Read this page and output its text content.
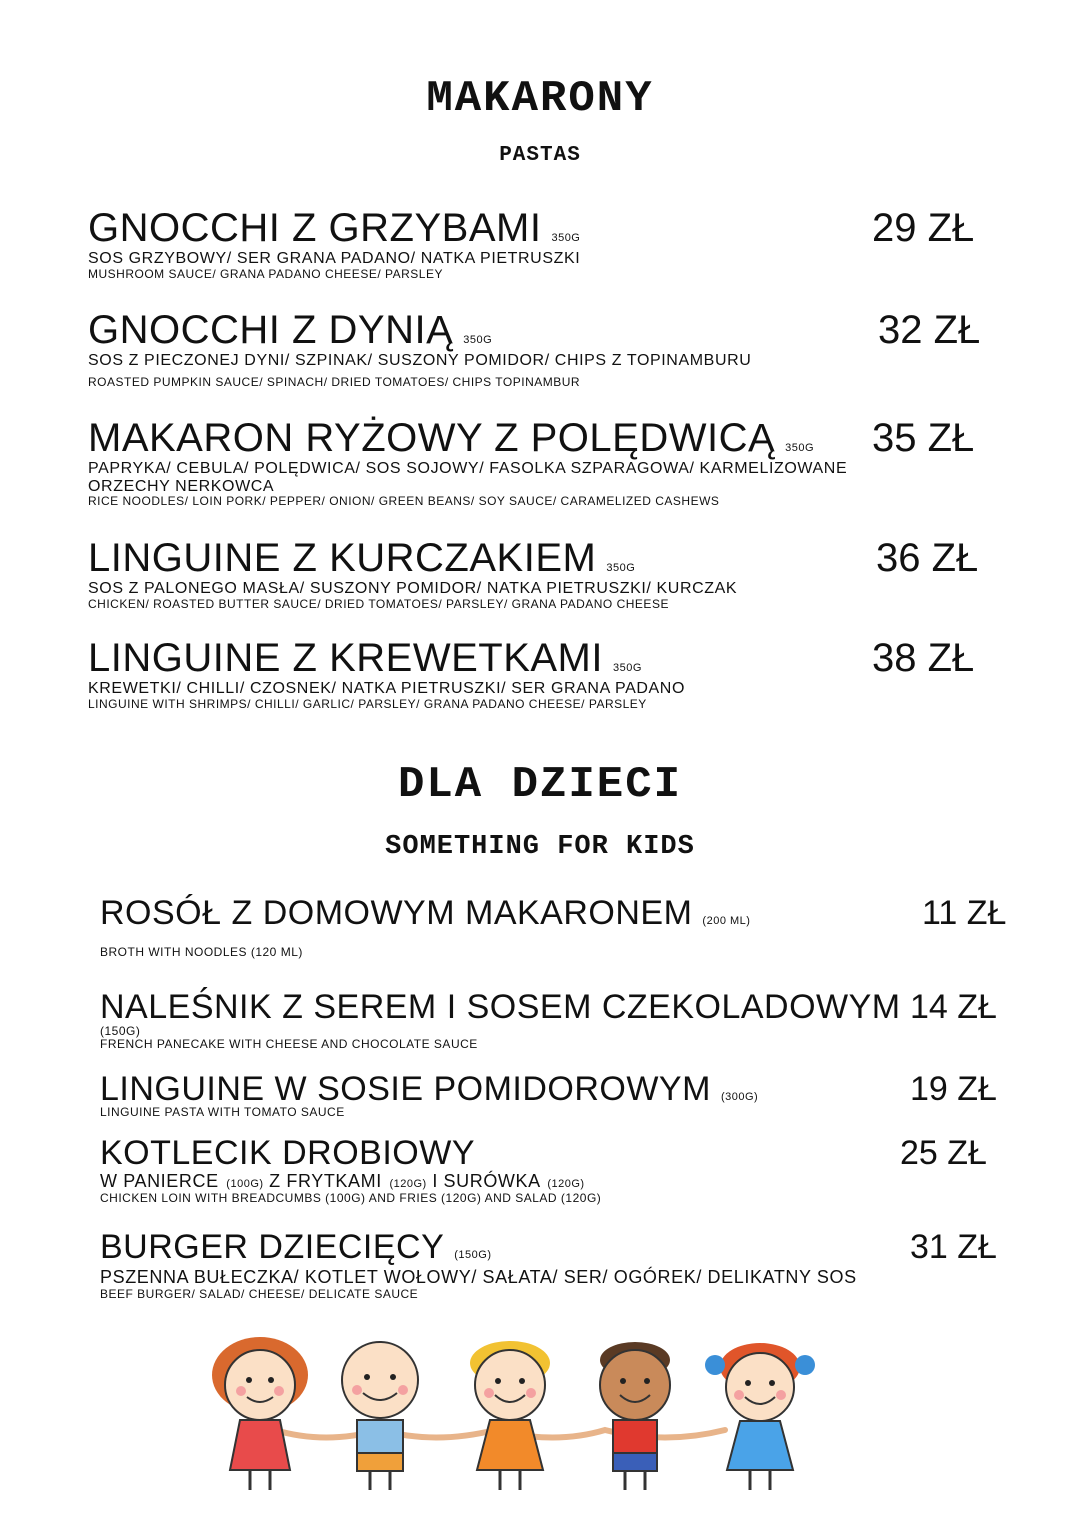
MAKARONY
PASTAS
GNOCCHI Z GRZYBAMI 350G
SOS GRZYBOWY/ SER GRANA PADANO/ NATKA PIETRUSZKI
MUSHROOM SAUCE/ GRANA PADANO CHEESE/ PARSLEY
29 ZŁ
GNOCCHI Z DYNIĄ 350G
SOS Z PIECZONEJ DYNI/ SZPINAK/ SUSZONY POMIDOR/ CHIPS Z TOPINAMBURU
ROASTED PUMPKIN SAUCE/ SPINACH/ DRIED TOMATOES/ CHIPS TOPINAMBUR
32 ZŁ
MAKARON RYŻOWY Z POLĘDWICĄ 350G
PAPRYKA/ CEBULA/ POLĘDWICA/ SOS SOJOWY/ FASOLKA SZPARAGOWA/ KARMELIZOWANE ORZECHY NERKOWCA
RICE NOODLES/ LOIN PORK/ PEPPER/ ONION/ GREEN BEANS/ SOY SAUCE/ CARAMELIZED CASHEWS
35 ZŁ
LINGUINE Z KURCZAKIEM 350G
SOS Z PALONEGO MASŁA/ SUSZONY POMIDOR/ NATKA PIETRUSZKI/ KURCZAK
CHICKEN/ ROASTED BUTTER SAUCE/ DRIED TOMATOES/ PARSLEY/ GRANA PADANO CHEESE
36 ZŁ
LINGUINE Z KREWETKAMI 350G
KREWETKI/ CHILLI/ CZOSNEK/ NATKA PIETRUSZKI/ SER GRANA PADANO
LINGUINE WITH SHRIMPS/ CHILLI/ GARLIC/ PARSLEY/ GRANA PADANO CHEESE/ PARSLEY
38 ZŁ
DLA DZIECI
SOMETHING FOR KIDS
ROSÓŁ Z DOMOWYM MAKARONEM (200 ML)
BROTH WITH NOODLES (120 ML)
11 ZŁ
NALEŚNIK Z SEREM I SOSEM CZEKOLADOWYM
(150G)
FRENCH PANECAKE WITH CHEESE AND CHOCOLATE SAUCE
14 ZŁ
LINGUINE W SOSIE POMIDOROWYM (300G)
LINGUINE PASTA WITH TOMATO SAUCE
19 ZŁ
KOTLECIK DROBIOWY
W PANIERCE (100G) Z FRYTKAMI (120G) I SURÓWKA (120G)
CHICKEN LOIN WITH BREADCUMBS (100G) AND FRIES (120G) AND SALAD (120G)
25 ZŁ
BURGER DZIECIĘCY (150G)
PSZENNA BUŁECZKA/ KOTLET WOŁOWY/ SAŁATA/ SER/ OGÓREK/ DELIKATNY SOS
BEEF BURGER/ SALAD/ CHEESE/ DELICATE SAUCE
31 ZŁ
